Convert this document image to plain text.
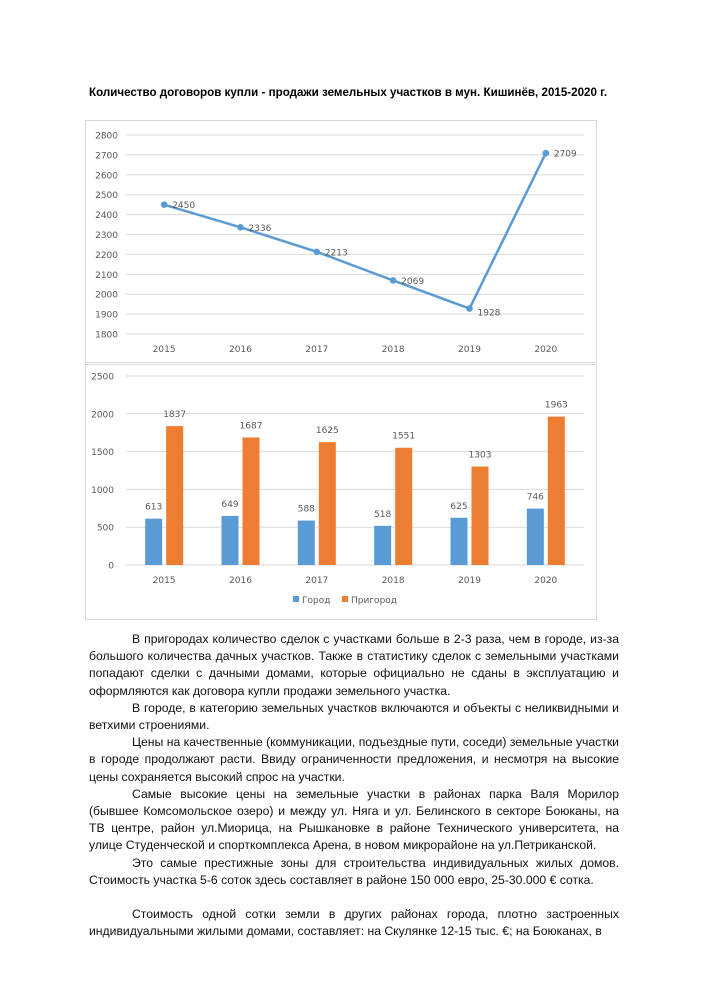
Количество договоров купли - продажи земельных участков в мун. Кишинёв, 2015-2020 г.
1800
1900
2000
2100
2200
2300
2400
2500
2600
2700
2800
2015	2016	2017	2018	2019	2020
2450
2336
2213
2069
1928
2709
0
500
1000
1500
2000
2500
2015	2016	2017	2018	2019	2020
613	649	588
518
625
746
1837
1687	1625
1551
1303
1963
Город Пригород

В пригородах количество сделок с участками больше в 2-3 раза, чем в городе, из-за большого количества дачных участков. Также в статистику сделок с земельными участками попадают сделки с дачными домами, которые официально не сданы в эксплуатацию и оформляются как договора купли продажи земельного участка.

В городе, в категорию земельных участков включаются и объекты с неликвидными и ветхими строениями.

Цены на качественные (коммуникации, подъездные пути, соседи) земельные участки в городе продолжают расти. Ввиду ограниченности предложения, и несмотря на высокие цены сохраняется высокий спрос на участки.

Самые высокие цены на земельные участки в районах парка Валя Морилор (бывшее Комсомольское озеро) и между ул. Няга и ул. Белинского в секторе Боюканы, на ТВ центре, район ул.Миорица, на Рышкановке в районе Технического университета, на улице Студенческой и спорткомплекса Арена, в новом микрорайоне на ул.Петриканской.

Это самые престижные зоны для строительства индивидуальных жилых домов. Стоимость участка 5-6 соток здесь составляет в районе 150 000 евро, 25-30.000 € сотка.

Стоимость одной сотки земли в других районах города, плотно застроенных индивидуальными жилыми домами, составляет: на Скулянке 12-15 тыс. €; на Боюканах, в
